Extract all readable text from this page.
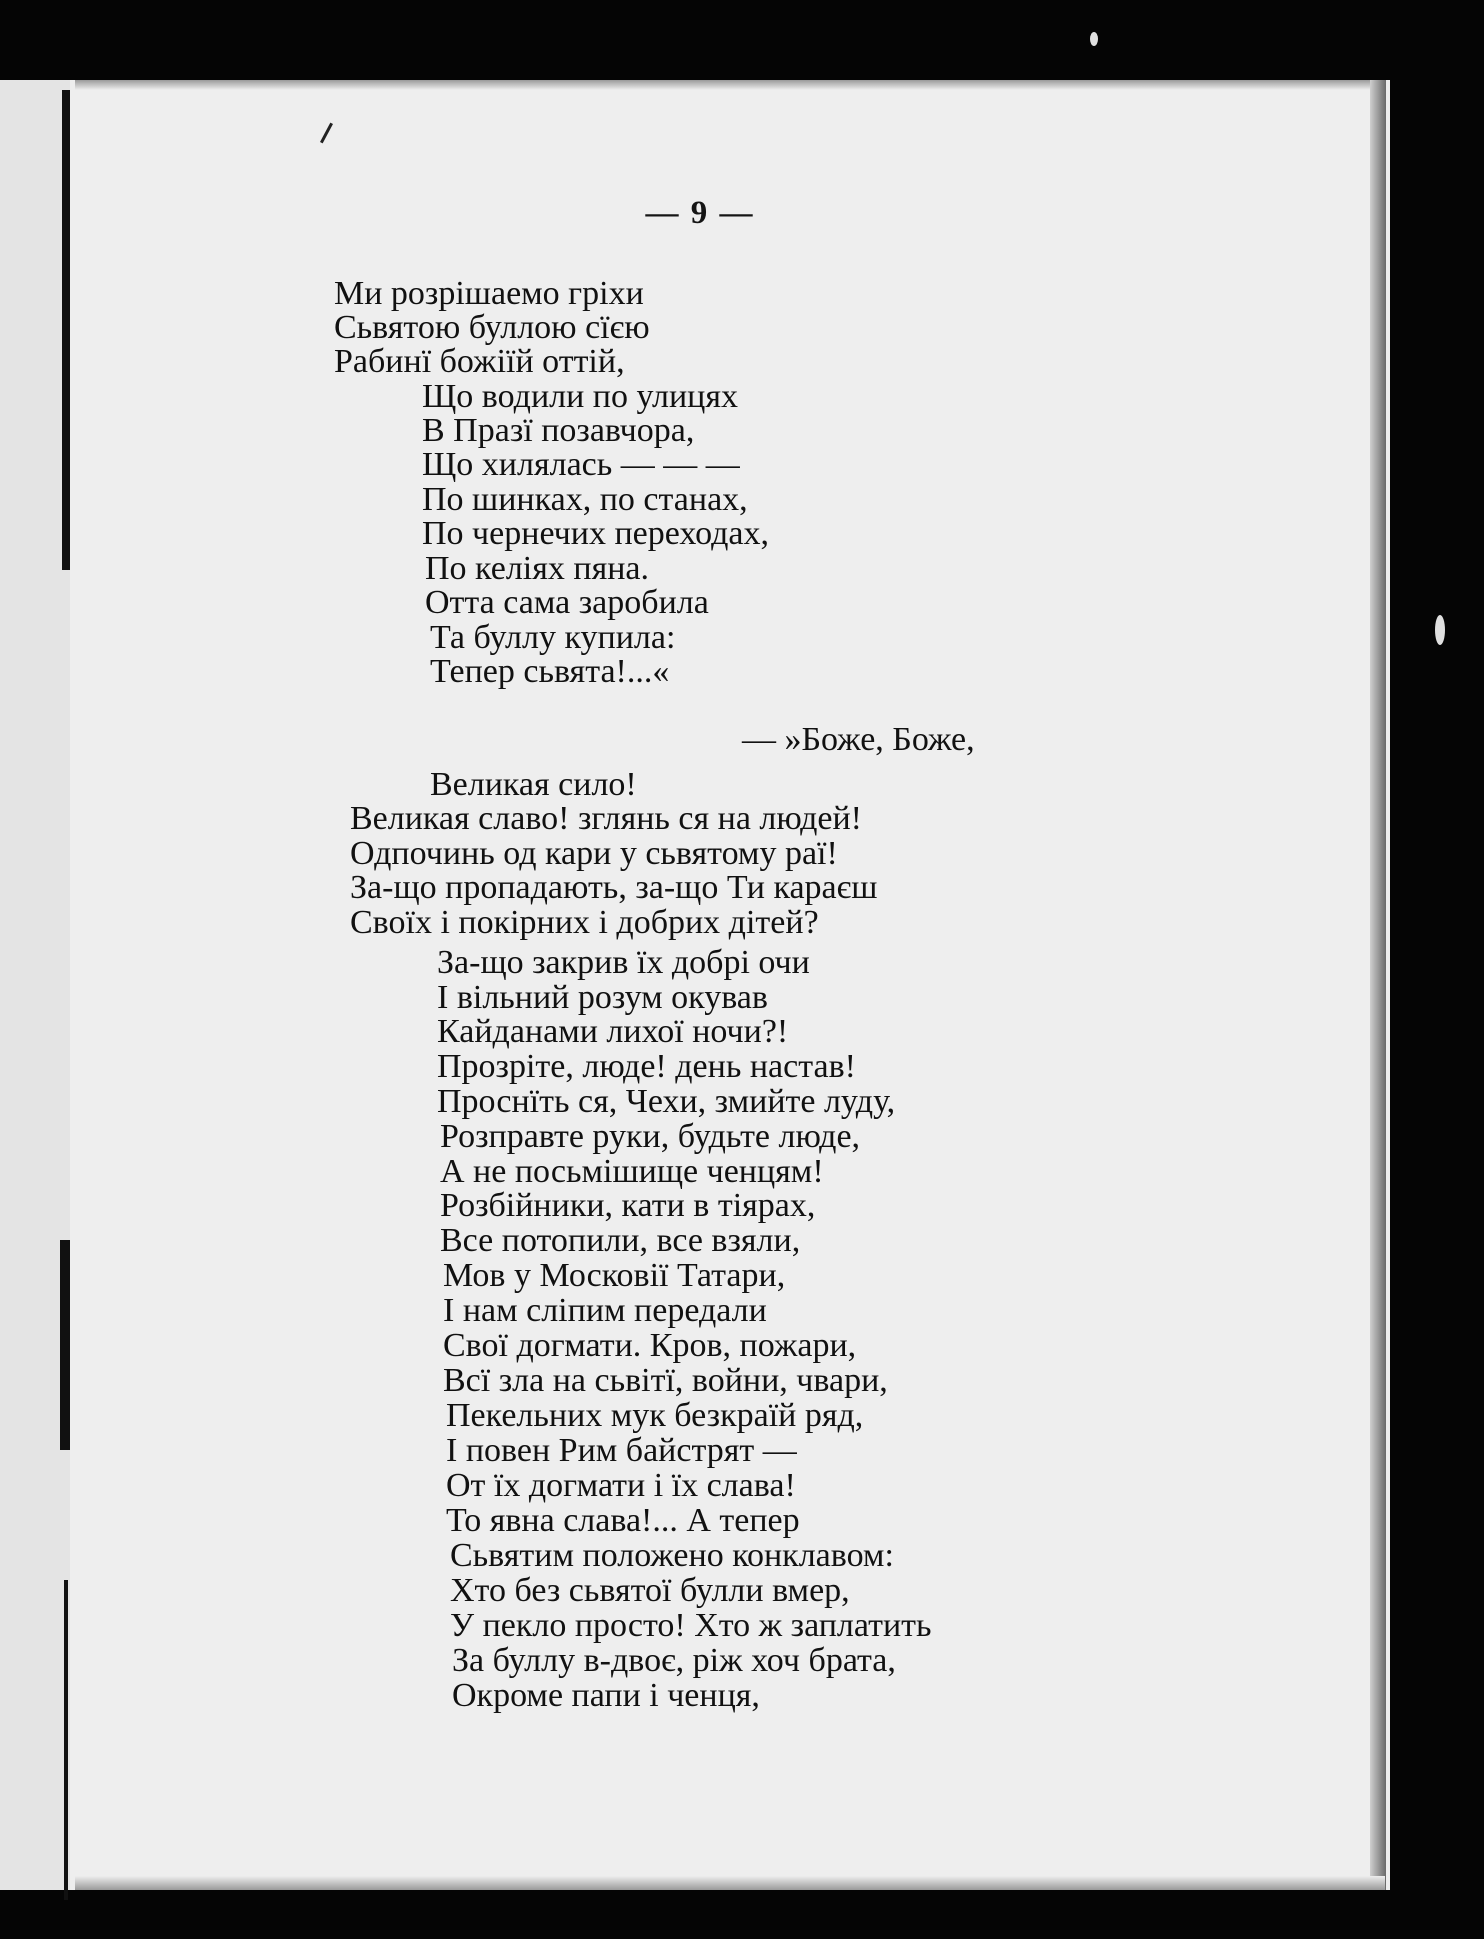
— 9 —
Ми розрішаемо гріхи
Сьвятою буллою сїєю
Рабинї божіїй оттій,
Що водили по улицях
В Празї позавчора,
Що хилялась — — —
По шинках, по станах,
По чернечих переходах,
По келіях пяна.
Отта сама заробила
Та буллу купила:
Тепер сьвята!...«
— »Боже, Боже,
Великая сило!
Великая славо! зглянь ся на людей!
Одпочинь од кари у сьвятому раї!
За-що пропадають, за-що Ти караєш
Своїх і покірних і добрих дітей?
За-що закрив їх добрі очи
І вільний розум окував
Кайданами лихої ночи?!
Прозріте, люде! день настав!
Проснїть ся, Чехи, змийте луду,
Розправте руки, будьте люде,
А не посьмішище ченцям!
Розбійники, кати в тіярах,
Все потопили, все взяли,
Мов у Московії Татари,
І нам сліпим передали
Свої догмати. Кров, пожари,
Всї зла на сьвітї, войни, чвари,
Пекельних мук безкраїй ряд,
І повен Рим байстрят —
От їх догмати і їх слава!
То явна слава!... А тепер
Сьвятим положено конклавом:
Хто без сьвятої булли вмер,
У пекло просто! Хто ж заплатить
За буллу в-двоє, ріж хоч брата,
Окроме папи і ченця,
